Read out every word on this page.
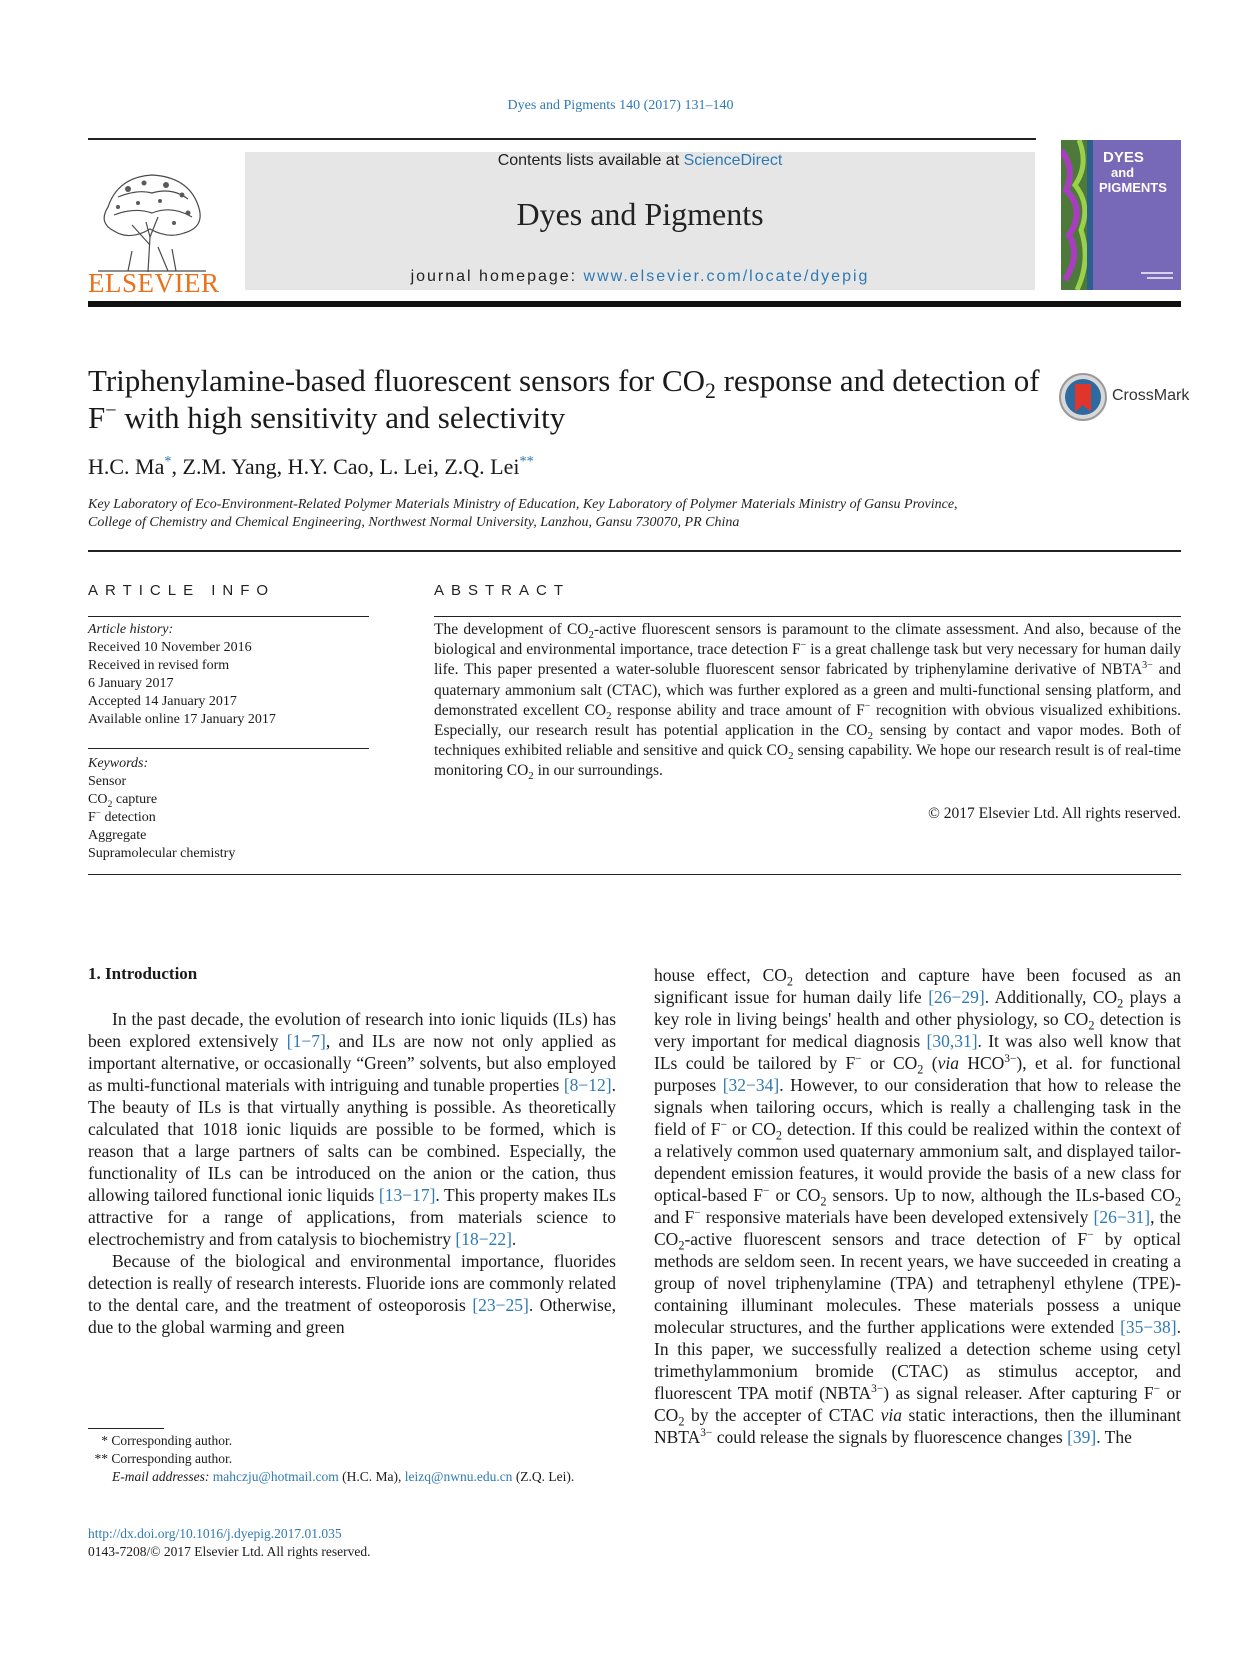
Dyes and Pigments 140 (2017) 131–140
ELSEVIER
Contents lists available at ScienceDirect
Dyes and Pigments
journal homepage: www.elsevier.com/locate/dyepig
DYES
and
PIGMENTS
Triphenylamine-based fluorescent sensors for $CO_2$ response and detection of F− with high sensitivity and selectivity
CrossMark
H.C. Ma*, Z.M. Yang, H.Y. Cao, L. Lei, Z.Q. Lei**
Key Laboratory of Eco-Environment-Related Polymer Materials Ministry of Education, Key Laboratory of Polymer Materials Ministry of Gansu Province,
College of Chemistry and Chemical Engineering, Northwest Normal University, Lanzhou, Gansu 730070, PR China
ARTICLE INFO	ABSTRACT
Article history:
Received 10 November 2016
Received in revised form
6 January 2017
Accepted 14 January 2017
Available online 17 January 2017
Keywords:
Sensor
$CO_2$ capture
F− detection
Aggregate
Supramolecular chemistry
The development of $CO_2$-active fluorescent sensors is paramount to the climate assessment. And also, because of the biological and environmental importance, trace detection F− is a great challenge task but very necessary for human daily life. This paper presented a water-soluble fluorescent sensor fabricated by triphenylamine derivative of $NBTA^{3-}$ and quaternary ammonium salt (CTAC), which was further explored as a green and multi-functional sensing platform, and demonstrated excellent $CO_2$ response ability and trace amount of F− recognition with obvious visualized exhibitions. Especially, our research result has potential application in the $CO_2$ sensing by contact and vapor modes. Both of techniques exhibited reliable and sensitive and quick $CO_2$ sensing capability. We hope our research result is of real-time monitoring $CO_2$ in our surroundings.
© 2017 Elsevier Ltd. All rights reserved.
1. Introduction

In the past decade, the evolution of research into ionic liquids (ILs) has been explored extensively [1−7], and ILs are now not only applied as important alternative, or occasionally “Green” solvents, but also employed as multi-functional materials with intriguing and tunable properties [8−12]. The beauty of ILs is that virtually anything is possible. As theoretically calculated that 1018 ionic liquids are possible to be formed, which is reason that a large partners of salts can be combined. Especially, the functionality of ILs can be introduced on the anion or the cation, thus allowing tailored functional ionic liquids [13−17]. This property makes ILs attractive for a range of applications, from materials science to electrochemistry and from catalysis to biochemistry [18−22].

Because of the biological and environmental importance, fluorides detection is really of research interests. Fluoride ions are commonly related to the dental care, and the treatment of osteoporosis [23−25]. Otherwise, due to the global warming and green

house effect, $CO_2$ detection and capture have been focused as an significant issue for human daily life [26−29]. Additionally, $CO_2$ plays a key role in living beings' health and other physiology, so $CO_2$ detection is very important for medical diagnosis [30,31]. It was also well know that ILs could be tailored by F− or $CO_2$ (via $HCO^{3-}$), et al. for functional purposes [32−34]. However, to our consideration that how to release the signals when tailoring occurs, which is really a challenging task in the field of F− or $CO_2$ detection. If this could be realized within the context of a relatively common used quaternary ammonium salt, and displayed tailor-dependent emission features, it would provide the basis of a new class for optical-based F− or $CO_2$ sensors. Up to now, although the ILs-based $CO_2$ and F− responsive materials have been developed extensively [26−31], the $CO_2$-active fluorescent sensors and trace detection of F− by optical methods are seldom seen. In recent years, we have succeeded in creating a group of novel triphenylamine (TPA) and tetraphenyl ethylene (TPE)-containing illuminant molecules. These materials possess a unique molecular structures, and the further applications were extended [35−38]. In this paper, we successfully realized a detection scheme using cetyl trimethylammonium bromide (CTAC) as stimulus acceptor, and fluorescent TPA motif $(NBTA^{3-})$ as signal releaser. After capturing F− or $CO_2$ by the accepter of CTAC via static interactions, then the illuminant $NBTA^{3-}$ could release the signals by fluorescence changes [39]. The

* Corresponding author.
** Corresponding author.
E-mail addresses: mahczju@hotmail.com (H.C. Ma), leizq@nwnu.edu.cn (Z.Q. Lei).
http://dx.doi.org/10.1016/j.dyepig.2017.01.035
0143-7208/© 2017 Elsevier Ltd. All rights reserved.
